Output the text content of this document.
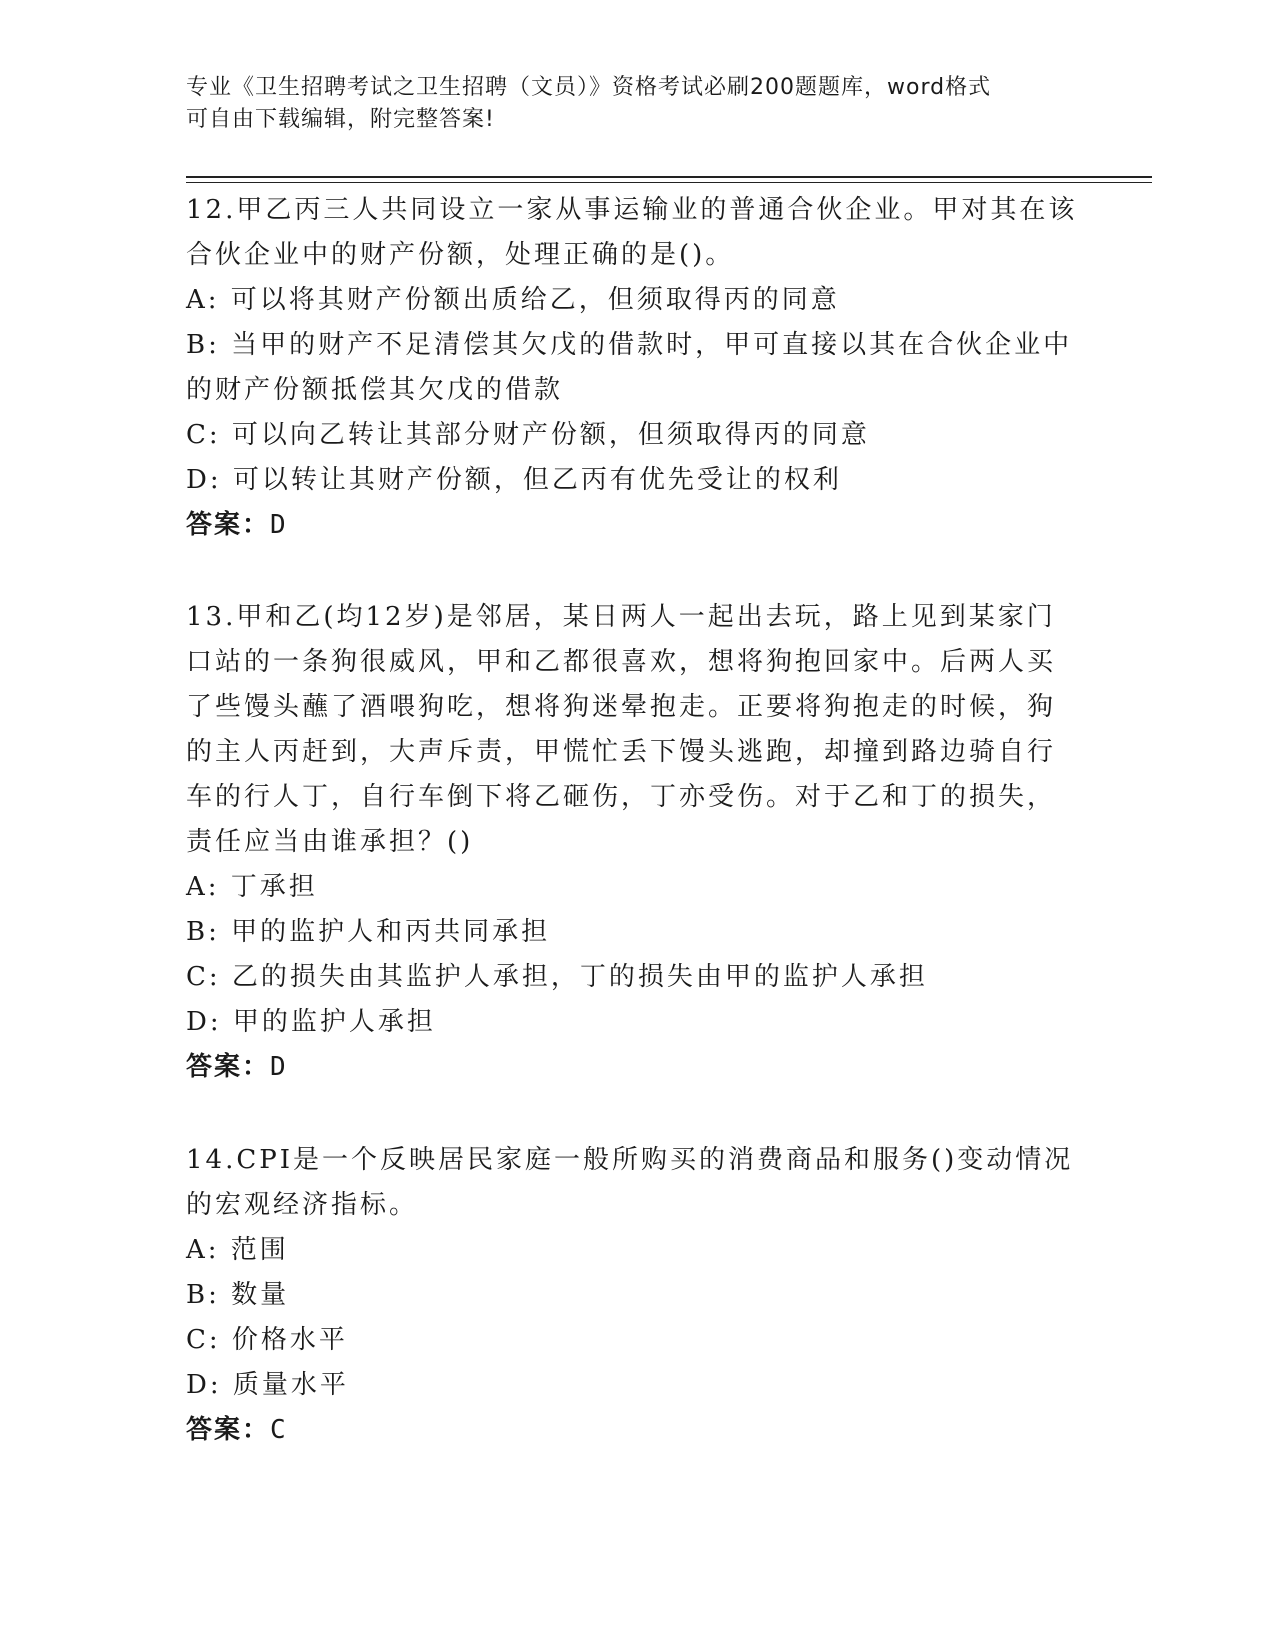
专业《卫生招聘考试之卫生招聘（文员）》资格考试必刷200题题库，word格式
可自由下载编辑，附完整答案!
12.甲乙丙三人共同设立一家从事运输业的普通合伙企业。甲对其在该
合伙企业中的财产份额，处理正确的是()。
A: 可以将其财产份额出质给乙，但须取得丙的同意
B: 当甲的财产不足清偿其欠戊的借款时，甲可直接以其在合伙企业中
的财产份额抵偿其欠戊的借款
C: 可以向乙转让其部分财产份额，但须取得丙的同意
D: 可以转让其财产份额，但乙丙有优先受让的权利
答案：D
13.甲和乙(均12岁)是邻居，某日两人一起出去玩，路上见到某家门
口站的一条狗很威风，甲和乙都很喜欢，想将狗抱回家中。后两人买
了些馒头蘸了酒喂狗吃，想将狗迷晕抱走。正要将狗抱走的时候，狗
的主人丙赶到，大声斥责，甲慌忙丢下馒头逃跑，却撞到路边骑自行
车的行人丁，自行车倒下将乙砸伤，丁亦受伤。对于乙和丁的损失，
责任应当由谁承担？()
A: 丁承担
B: 甲的监护人和丙共同承担
C: 乙的损失由其监护人承担，丁的损失由甲的监护人承担
D: 甲的监护人承担
答案：D
14.CPI是一个反映居民家庭一般所购买的消费商品和服务()变动情况
的宏观经济指标。
A: 范围
B: 数量
C: 价格水平
D: 质量水平
答案：C
